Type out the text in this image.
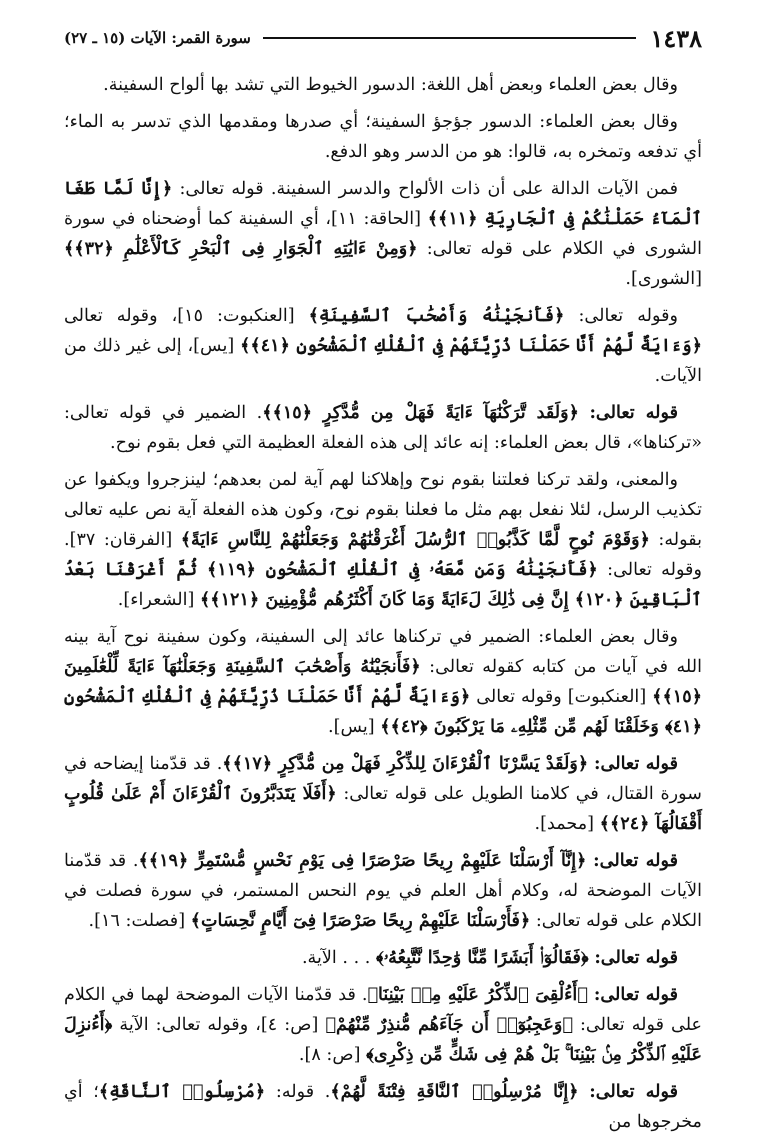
١٤٣٨
سورة القمر: الآيات (١٥ ـ ٢٧)

وقال بعض العلماء وبعض أهل اللغة: الدسور الخيوط التي تشد بها ألواح السفينة.

وقال بعض العلماء: الدسور جؤجؤ السفينة؛ أي صدرها ومقدمها الذي تدسر به الماء؛ أي تدفعه وتمخره به، قالوا: هو من الدسر وهو الدفع.

فمن الآيات الدالة على أن ذات الألواح والدسر السفينة. قوله تعالى: ﴿إِنَّا لَمَّا طَغَا ٱلْمَآءُ حَمَلْنَٰكُمْ فِى ٱلْجَارِيَةِ ﴿١١﴾﴾ [الحاقة: ١١]، أي السفينة كما أوضحناه في سورة الشورى في الكلام على قوله تعالى: ﴿وَمِنْ ءَايَٰتِهِ ٱلْجَوَارِ فِى ٱلْبَحْرِ كَٱلْأَعْلَٰمِ ﴿٣٢﴾﴾ [الشورى].

وقوله تعالى: ﴿فَأَنجَيْنَٰهُ وَأَصْحَٰبَ ٱلسَّفِينَةِ﴾ [العنكبوت: ١٥]، وقوله تعالى ﴿وَءَايَةٌ لَّهُمْ أَنَّا حَمَلْنَا ذُرِّيَّتَهُمْ فِى ٱلْفُلْكِ ٱلْمَشْحُونِ ﴿٤١﴾﴾ [يس]، إلى غير ذلك من الآيات.

قوله تعالى: ﴿وَلَقَد تَّرَكْنَٰهَآ ءَايَةً فَهَلْ مِن مُّدَّكِرٍ ﴿١٥﴾﴾. الضمير في قوله تعالى: «تركناها»، قال بعض العلماء: إنه عائد إلى هذه الفعلة العظيمة التي فعل بقوم نوح.

والمعنى، ولقد تركنا فعلتنا بقوم نوح وإهلاكنا لهم آية لمن بعدهم؛ لينزجروا ويكفوا عن تكذيب الرسل، لئلا نفعل بهم مثل ما فعلنا بقوم نوح، وكون هذه الفعلة آية نص عليه تعالى بقوله: ﴿وَقَوْمَ نُوحٍ لَّمَّا كَذَّبُوا۟ ٱلرُّسُلَ أَغْرَقْنَٰهُمْ وَجَعَلْنَٰهُمْ لِلنَّاسِ ءَايَةً﴾ [الفرقان: ٣٧]. وقوله تعالى: ﴿فَأَنجَيْنَٰهُ وَمَن مَّعَهُۥ فِى ٱلْفُلْكِ ٱلْمَشْحُونِ ﴿١١٩﴾ ثُمَّ أَغْرَقْنَا بَعْدُ ٱلْبَاقِينَ ﴿١٢٠﴾ إِنَّ فِى ذَٰلِكَ لَءَايَةً وَمَا كَانَ أَكْثَرُهُم مُّؤْمِنِينَ ﴿١٢١﴾﴾ [الشعراء].

وقال بعض العلماء: الضمير في تركناها عائد إلى السفينة، وكون سفينة نوح آية بينه الله في آيات من كتابه كقوله تعالى: ﴿فَأَنجَيْنَٰهُ وَأَصْحَٰبَ ٱلسَّفِينَةِ وَجَعَلْنَٰهَآ ءَايَةً لِّلْعَٰلَمِينَ ﴿١٥﴾﴾ [العنكبوت] وقوله تعالى ﴿وَءَايَةٌ لَّهُمْ أَنَّا حَمَلْنَا ذُرِّيَّتَهُمْ فِى ٱلْفُلْكِ ٱلْمَشْحُونِ ﴿٤١﴾ وَخَلَقْنَا لَهُم مِّن مِّثْلِهِۦ مَا يَرْكَبُونَ ﴿٤٢﴾﴾ [يس].

قوله تعالى: ﴿وَلَقَدْ يَسَّرْنَا ٱلْقُرْءَانَ لِلذِّكْرِ فَهَلْ مِن مُّدَّكِرٍ ﴿١٧﴾﴾. قد قدّمنا إيضاحه في سورة القتال، في كلامنا الطويل على قوله تعالى: ﴿أَفَلَا يَتَدَبَّرُونَ ٱلْقُرْءَانَ أَمْ عَلَىٰ قُلُوبٍ أَقْفَالُهَآ ﴿٢٤﴾﴾ [محمد].

قوله تعالى: ﴿إِنَّآ أَرْسَلْنَا عَلَيْهِمْ رِيحًا صَرْصَرًا فِى يَوْمِ نَحْسٍ مُّسْتَمِرٍّ ﴿١٩﴾﴾. قد قدّمنا الآيات الموضحة له، وكلام أهل العلم في يوم النحس المستمر، في سورة فصلت في الكلام على قوله تعالى: ﴿فَأَرْسَلْنَا عَلَيْهِمْ رِيحًا صَرْصَرًا فِىٓ أَيَّامٍ نَّحِسَاتٍ﴾ [فصلت: ١٦].

قوله تعالى: ﴿فَقَالُوٓا۟ أَبَشَرًا مِّنَّا وَٰحِدًا نَّتَّبِعُهُۥ﴾ . . . الآية.

قوله تعالى: ﴿أَءُلْقِىَ ٱلذِّكْرُ عَلَيْهِ مِنۢ بَيْنِنَا﴾. قد قدّمنا الآيات الموضحة لهما في الكلام على قوله تعالى: ﴿وَعَجِبُوٓا۟ أَن جَآءَهُم مُّنذِرٌ مِّنْهُمْ﴾ [ص: ٤]، وقوله تعالى: الآية ﴿أَءُنزِلَ عَلَيْهِ ٱلذِّكْرُ مِنۢ بَيْنِنَا ۚ بَلْ هُمْ فِى شَكٍّ مِّن ذِكْرِى﴾ [ص: ٨].

قوله تعالى: ﴿إِنَّا مُرْسِلُوا۟ ٱلنَّاقَةِ فِتْنَةً لَّهُمْ﴾. قوله: ﴿مُرْسِلُوا۟ ٱلنَّاقَةِ﴾؛ أي مخرجوها من
